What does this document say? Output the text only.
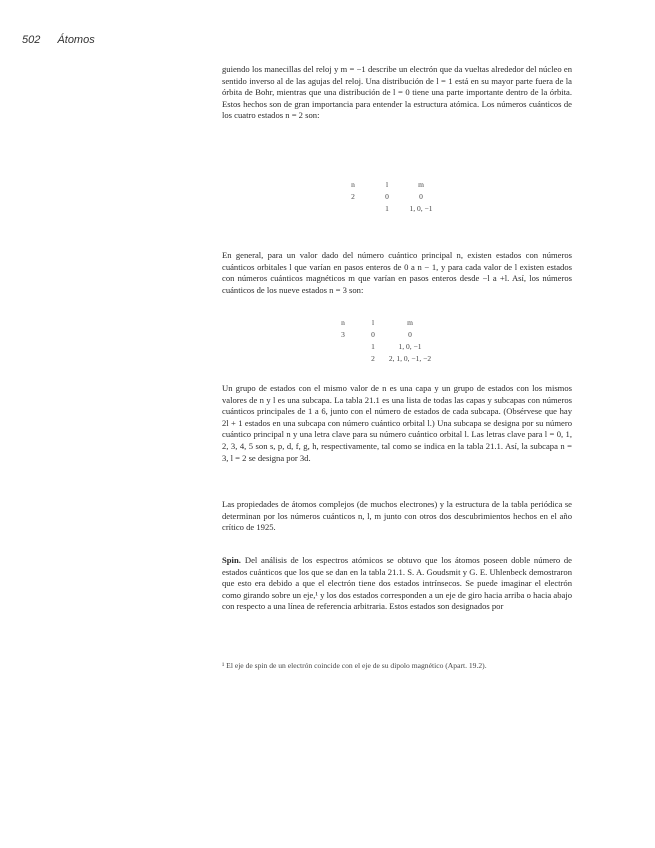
502 Átomos

guiendo los manecillas del reloj y m = −1 describe un electrón que da vueltas alrededor del núcleo en sentido inverso al de las agujas del reloj. Una distribución de l = 1 está en su mayor parte fuera de la órbita de Bohr, mientras que una distribución de l = 0 tiene una parte importante dentro de la órbita. Estos hechos son de gran importancia para entender la estructura atómica. Los números cuánticos de los cuatro estados n = 2 son:

n	l	m
2	0	0
	1	1, 0, −1

En general, para un valor dado del número cuántico principal n, existen estados con números cuánticos orbitales l que varían en pasos enteros de 0 a n − 1, y para cada valor de l existen estados con números cuánticos magnéticos m que varían en pasos enteros desde −l a +l. Así, los números cuánticos de los nueve estados n = 3 son:

n	l	m
3	0	0
	1	1, 0, −1
	2	2, 1, 0, −1, −2

Un grupo de estados con el mismo valor de n es una capa y un grupo de estados con los mismos valores de n y l es una subcapa. La tabla 21.1 es una lista de todas las capas y subcapas con números cuánticos principales de 1 a 6, junto con el número de estados de cada subcapa. (Obsérvese que hay 2l + 1 estados en una subcapa con número cuántico orbital l.) Una subcapa se designa por su número cuántico principal n y una letra clave para su número cuántico orbital l. Las letras clave para l = 0, 1, 2, 3, 4, 5 son s, p, d, f, g, h, respectivamente, tal como se indica en la tabla 21.1. Así, la subcapa n = 3, l = 2 se designa por 3d.

Las propiedades de átomos complejos (de muchos electrones) y la estructura de la tabla periódica se determinan por los números cuánticos n, l, m junto con otros dos descubrimientos hechos en el año crítico de 1925.

Spin. Del análisis de los espectros atómicos se obtuvo que los átomos poseen doble número de estados cuánticos que los que se dan en la tabla 21.1. S. A. Goudsmit y G. E. Uhlenbeck demostraron que esto era debido a que el electrón tiene dos estados intrínsecos. Se puede imaginar el electrón como girando sobre un eje,¹ y los dos estados corresponden a un eje de giro hacia arriba o hacia abajo con respecto a una línea de referencia arbitraria. Estos estados son designados por

¹ El eje de spin de un electrón coincide con el eje de su dipolo magnético (Apart. 19.2).
